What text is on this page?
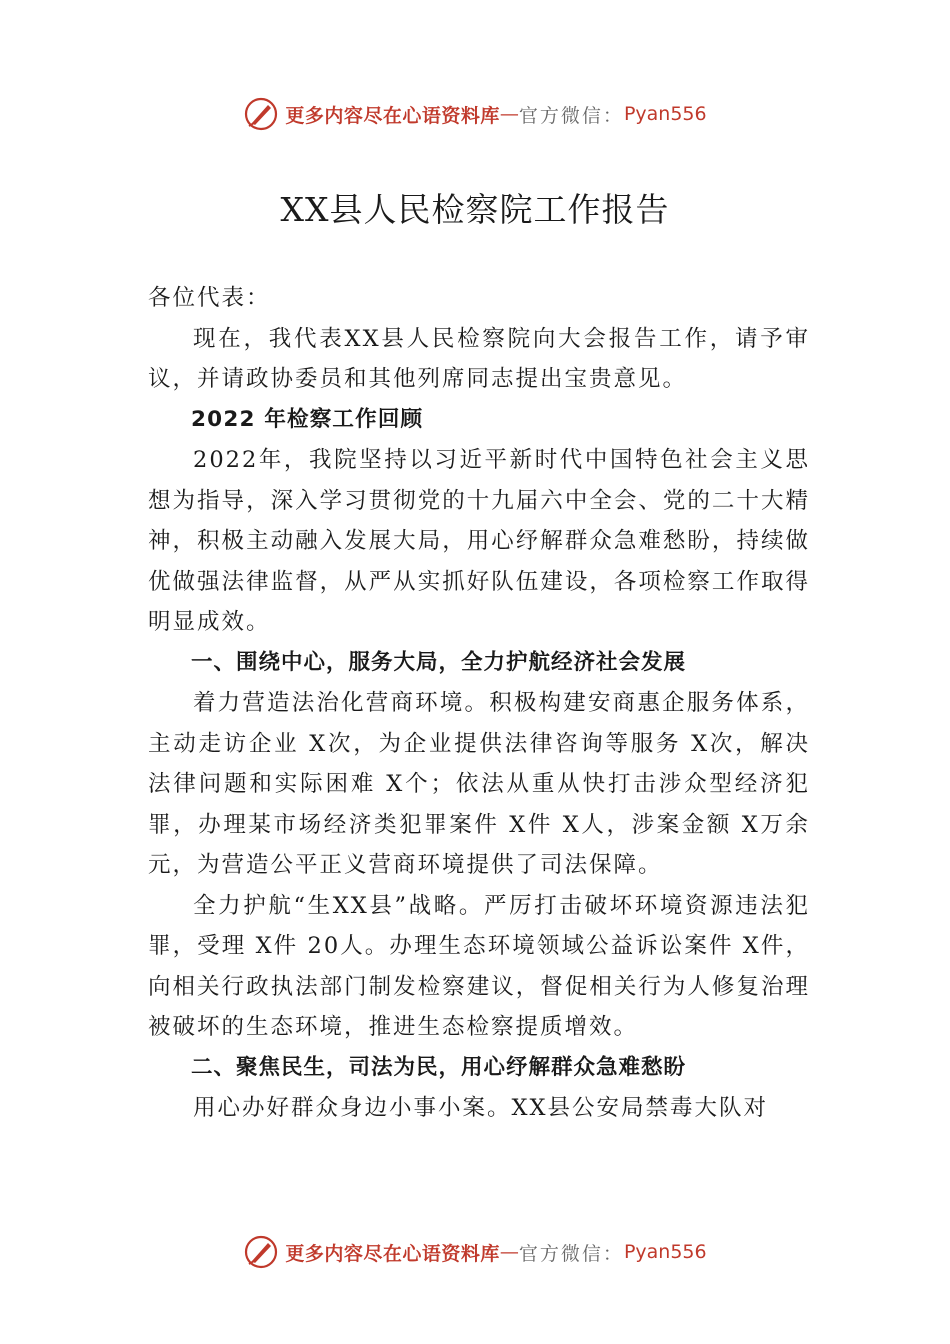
更多内容尽在心语资料库 — 官方微信： Pyan556
XX县人民检察院工作报告

各位代表：

现在，我代表XX县人民检察院向大会报告工作，请予审议，并请政协委员和其他列席同志提出宝贵意见。

2022 年检察工作回顾

2022年，我院坚持以习近平新时代中国特色社会主义思想为指导，深入学习贯彻党的十九届六中全会、党的二十大精神，积极主动融入发展大局，用心纾解群众急难愁盼，持续做优做强法律监督，从严从实抓好队伍建设，各项检察工作取得明显成效。

一、围绕中心，服务大局，全力护航经济社会发展

着力营造法治化营商环境。积极构建安商惠企服务体系，主动走访企业 X次，为企业提供法律咨询等服务 X次，解决法律问题和实际困难 X个；依法从重从快打击涉众型经济犯罪，办理某市场经济类犯罪案件 X件 X人，涉案金额 X万余元，为营造公平正义营商环境提供了司法保障。

全力护航“生XX县”战略。严厉打击破坏环境资源违法犯罪，受理 X件 20人。办理生态环境领域公益诉讼案件 X件，向相关行政执法部门制发检察建议，督促相关行为人修复治理被破坏的生态环境，推进生态检察提质增效。

二、聚焦民生，司法为民，用心纾解群众急难愁盼

用心办好群众身边小事小案。XX县公安局禁毒大队对

更多内容尽在心语资料库 — 官方微信： Pyan556
